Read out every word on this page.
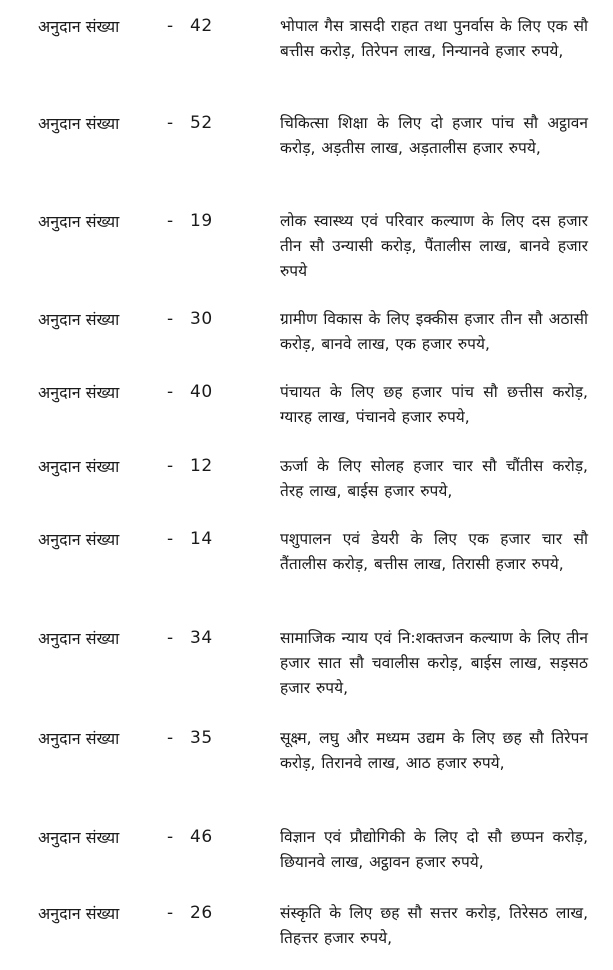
अनुदान संख्या	- 42	भोपाल गैस त्रासदी राहत तथा पुनर्वास के लिए एक सौ बत्तीस करोड़, तिरेपन लाख, निन्यानवे हजार रुपये,
अनुदान संख्या	- 52	चिकित्सा शिक्षा के लिए दो हजार पांच सौ अट्ठावन करोड़, अड़तीस लाख, अड़तालीस हजार रुपये,
अनुदान संख्या	- 19	लोक स्वास्थ्य एवं परिवार कल्याण के लिए दस हजार तीन सौ उन्यासी करोड़, पैंतालीस लाख, बानवे हजार रुपये
अनुदान संख्या	- 30	ग्रामीण विकास के लिए इक्कीस हजार तीन सौ अठासी करोड़, बानवे लाख, एक हजार रुपये,
अनुदान संख्या	- 40	पंचायत के लिए छह हजार पांच सौ छत्तीस करोड़, ग्यारह लाख, पंचानवे हजार रुपये,
अनुदान संख्या	- 12	ऊर्जा के लिए सोलह हजार चार सौ चौंतीस करोड़, तेरह लाख, बाईस हजार रुपये,
अनुदान संख्या	- 14	पशुपालन एवं डेयरी के लिए एक हजार चार सौ तैंतालीस करोड़, बत्तीस लाख, तिरासी हजार रुपये,
अनुदान संख्या	- 34	सामाजिक न्याय एवं नि:शक्तजन कल्याण के लिए तीन हजार सात सौ चवालीस करोड़, बाईस लाख, सड़सठ हजार रुपये,
अनुदान संख्या	- 35	सूक्ष्म, लघु और मध्यम उद्यम के लिए छह सौ तिरेपन करोड़, तिरानवे लाख, आठ हजार रुपये,
अनुदान संख्या	- 46	विज्ञान एवं प्रौद्योगिकी के लिए दो सौ छप्पन करोड़, छियानवे लाख, अट्ठावन हजार रुपये,
अनुदान संख्या	- 26	संस्कृति के लिए छह सौ सत्तर करोड़, तिरेसठ लाख, तिहत्तर हजार रुपये,
